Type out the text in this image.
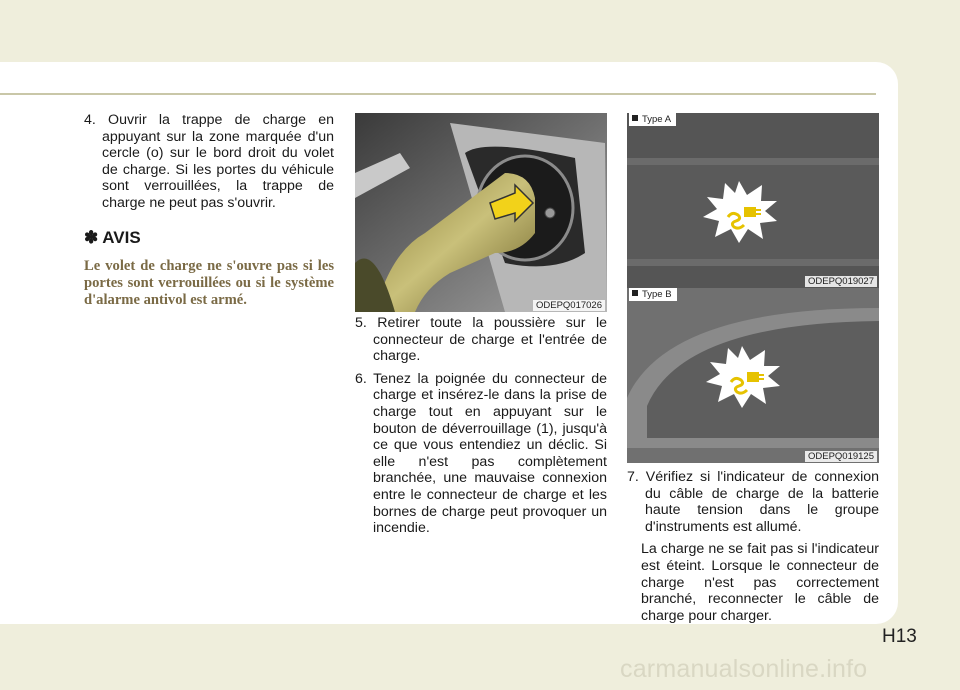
4. Ouvrir la trappe de charge en appuyant sur la zone marquée d'un cercle (o) sur le bord droit du volet de charge. Si les portes du véhicule sont verrouillées, la trappe de charge ne peut pas s'ouvrir.

✽ AVIS
Le volet de charge ne s'ouvre pas si les portes sont verrouillées ou si le système d'alarme antivol est armé.	ODEPQ017026

5. Retirer toute la poussière sur le connecteur de charge et l'entrée de charge.

6. Tenez la poignée du connecteur de charge et insérez-le dans la prise de charge tout en appuyant sur le bouton de déverrouillage (1), jusqu'à ce que vous entendiez un déclic. Si elle n'est pas complètement branchée, une mauvaise connexion entre le connecteur de charge et les bornes de charge peut provoquer un incendie.

Type A
ODEPQ019027
Type B
ODEPQ019125

7. Vérifiez si l'indicateur de connexion du câble de charge de la batterie haute tension dans le groupe d'instruments est allumé.

La charge ne se fait pas si l'indicateur est éteint. Lorsque le connecteur de charge n'est pas correctement branché, reconnecter le câble de charge pour charger.

H13
carmanualsonline.info
